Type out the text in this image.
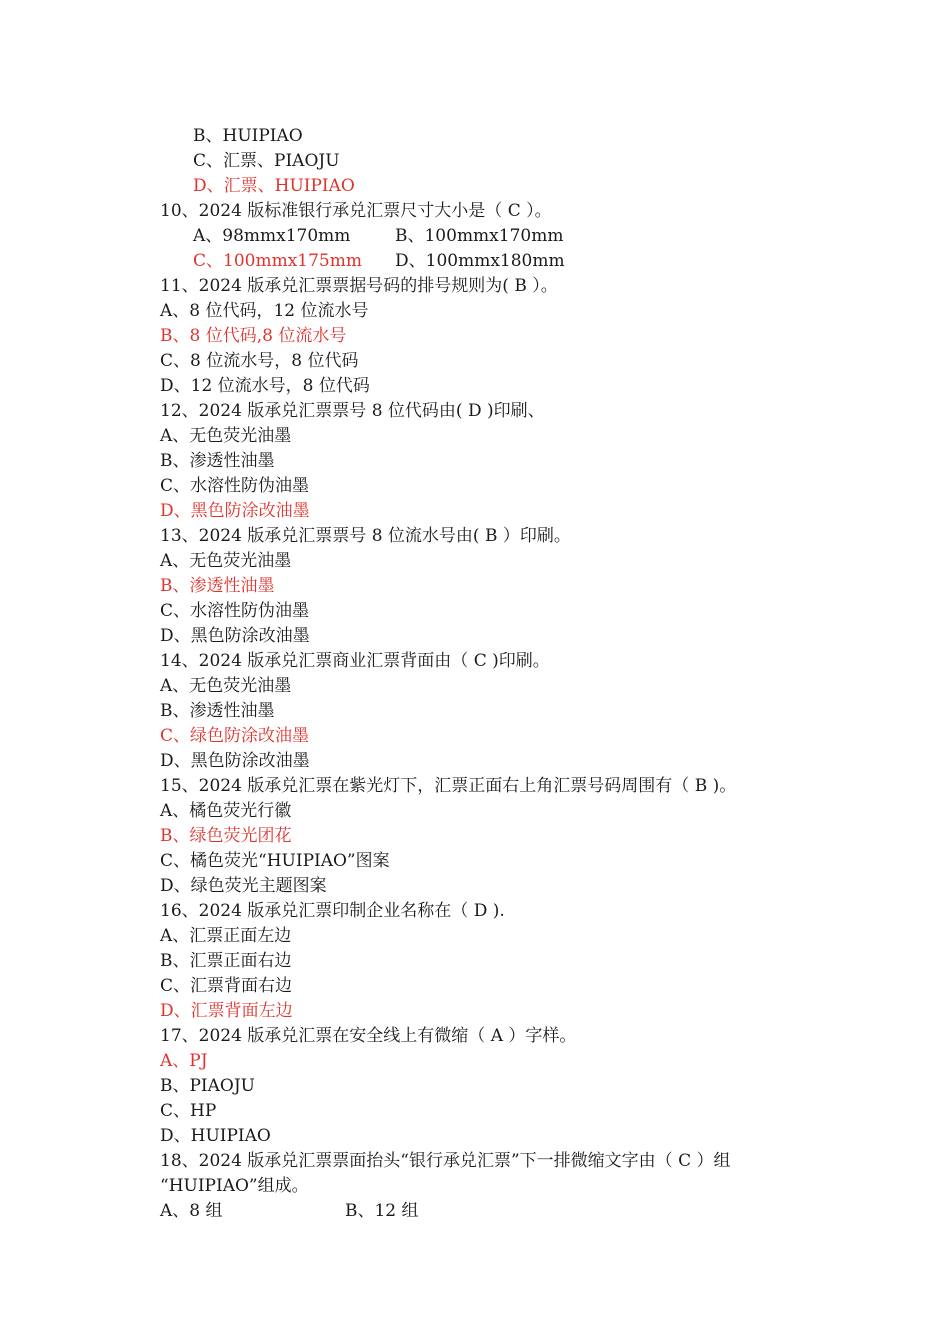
B、HUIPIAO
C、汇票、PIAOJU
D、汇票、HUIPIAO
10、2024 版标准银行承兑汇票尺寸大小是（ C ）。
A、98mmx170mm	B、100mmx170mm
C、100mmx175mm D、100mmx180mm
11、2024 版承兑汇票票据号码的排号规则为( B ）。
A、8 位代码，12 位流水号
B、8 位代码,8 位流水号
C、8 位流水号，8 位代码
D、12 位流水号，8 位代码
12、2024 版承兑汇票票号 8 位代码由( D )印刷、
A、无色荧光油墨
B、渗透性油墨
C、水溶性防伪油墨
D、黑色防涂改油墨
13、2024 版承兑汇票票号 8 位流水号由( B ）印刷。
A、无色荧光油墨
B、渗透性油墨
C、水溶性防伪油墨
D、黑色防涂改油墨
14、2024 版承兑汇票商业汇票背面由（ C )印刷。
A、无色荧光油墨
B、渗透性油墨
C、绿色防涂改油墨
D、黑色防涂改油墨
15、2024 版承兑汇票在紫光灯下，汇票正面右上角汇票号码周围有（ B )。
A、橘色荧光行徽
B、绿色荧光团花
C、橘色荧光“HUIPIAO”图案
D、绿色荧光主题图案
16、2024 版承兑汇票印制企业名称在（ D ).
A、汇票正面左边
B、汇票正面右边
C、汇票背面右边
D、汇票背面左边
17、2024 版承兑汇票在安全线上有微缩（ A ）字样。
A、PJ
B、PIAOJU
C、HP
D、HUIPIAO
18、2024 版承兑汇票票面抬头“银行承兑汇票”下一排微缩文字由（ C ）组
“HUIPIAO”组成。
A、8 组	B、12 组
